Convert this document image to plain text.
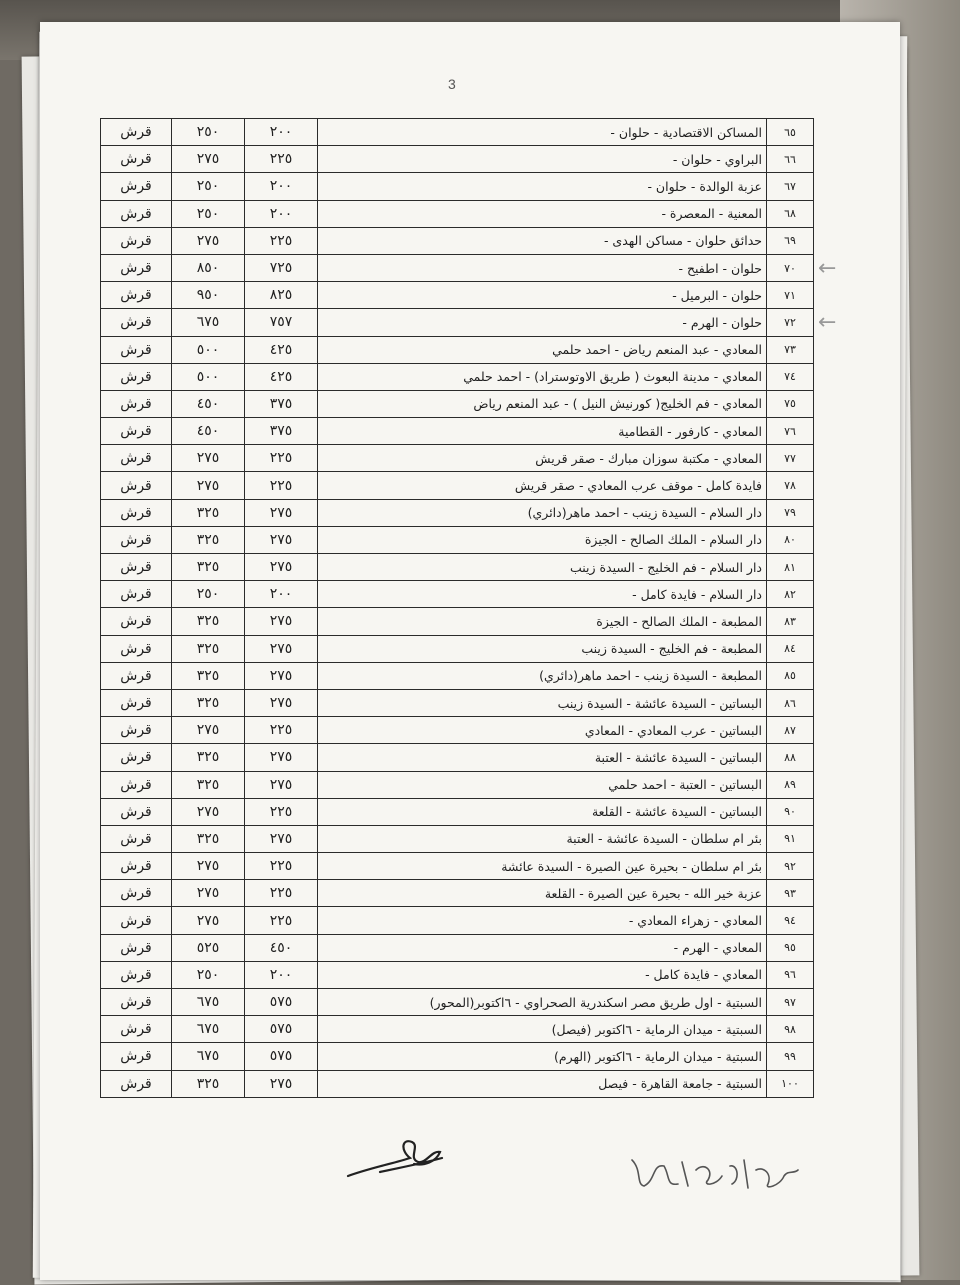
3
قرش	٢٥٠	٢٠٠	المساكن الاقتصادية - حلوان -	٦٥
قرش	٢٧٥	٢٢٥	البراوي - حلوان -	٦٦
قرش	٢٥٠	٢٠٠	عزبة الوالدة - حلوان -	٦٧
قرش	٢٥٠	٢٠٠	المعنية - المعصرة -	٦٨
قرش	٢٧٥	٢٢٥	حدائق حلوان - مساكن الهدى -	٦٩
قرش	٨٥٠	٧٢٥	حلوان - اطفيح -	٧٠
قرش	٩٥٠	٨٢٥	حلوان - البرميل -	٧١
قرش	٦٧٥	٧٥٧	حلوان - الهرم -	٧٢
قرش	٥٠٠	٤٢٥	المعادي - عبد المنعم رياض - احمد حلمي	٧٣
قرش	٥٠٠	٤٢٥	المعادي - مدينة البعوث ( طريق الاوتوستراد) - احمد حلمي	٧٤
قرش	٤٥٠	٣٧٥	المعادي - فم الخليج( كورنيش النيل ) - عبد المنعم رياض	٧٥
قرش	٤٥٠	٣٧٥	المعادي - كارفور - القطامية	٧٦
قرش	٢٧٥	٢٢٥	المعادي - مكتبة سوزان مبارك - صقر قريش	٧٧
قرش	٢٧٥	٢٢٥	فايدة كامل - موقف عرب المعادي - صقر قريش	٧٨
قرش	٣٢٥	٢٧٥	دار السلام - السيدة زينب - احمد ماهر(دائري)	٧٩
قرش	٣٢٥	٢٧٥	دار السلام - الملك الصالح - الجيزة	٨٠
قرش	٣٢٥	٢٧٥	دار السلام - فم الخليج - السيدة زينب	٨١
قرش	٢٥٠	٢٠٠	دار السلام - فايدة كامل -	٨٢
قرش	٣٢٥	٢٧٥	المطبعة - الملك الصالح - الجيزة	٨٣
قرش	٣٢٥	٢٧٥	المطبعة - فم الخليج - السيدة زينب	٨٤
قرش	٣٢٥	٢٧٥	المطبعة - السيدة زينب - احمد ماهر(دائري)	٨٥
قرش	٣٢٥	٢٧٥	البساتين - السيدة عائشة - السيدة زينب	٨٦
قرش	٢٧٥	٢٢٥	البساتين - عرب المعادي - المعادي	٨٧
قرش	٣٢٥	٢٧٥	البساتين - السيدة عائشة - العتبة	٨٨
قرش	٣٢٥	٢٧٥	البساتين - العتبة - احمد حلمي	٨٩
قرش	٢٧٥	٢٢٥	البساتين - السيدة عائشة - القلعة	٩٠
قرش	٣٢٥	٢٧٥	بئر ام سلطان - السيدة عائشة - العتبة	٩١
قرش	٢٧٥	٢٢٥	بئر ام سلطان - بحيرة عين الصيرة - السيدة عائشة	٩٢
قرش	٢٧٥	٢٢٥	عزبة خير الله - بحيرة عين الصيرة - القلعة	٩٣
قرش	٢٧٥	٢٢٥	المعادي - زهراء المعادي -	٩٤
قرش	٥٢٥	٤٥٠	المعادي - الهرم -	٩٥
قرش	٢٥٠	٢٠٠	المعادي - فايدة كامل -	٩٦
قرش	٦٧٥	٥٧٥	السبتية - اول طريق مصر اسكندرية الصحراوي - ٦اكتوبر(المحور)	٩٧
قرش	٦٧٥	٥٧٥	السبتية - ميدان الرماية - ٦اكتوبر (فيصل)	٩٨
قرش	٦٧٥	٥٧٥	السبتية - ميدان الرماية - ٦اكتوبر (الهرم)	٩٩
قرش	٣٢٥	٢٧٥	السبتية - جامعة القاهرة - فيصل	١٠٠
←
←
